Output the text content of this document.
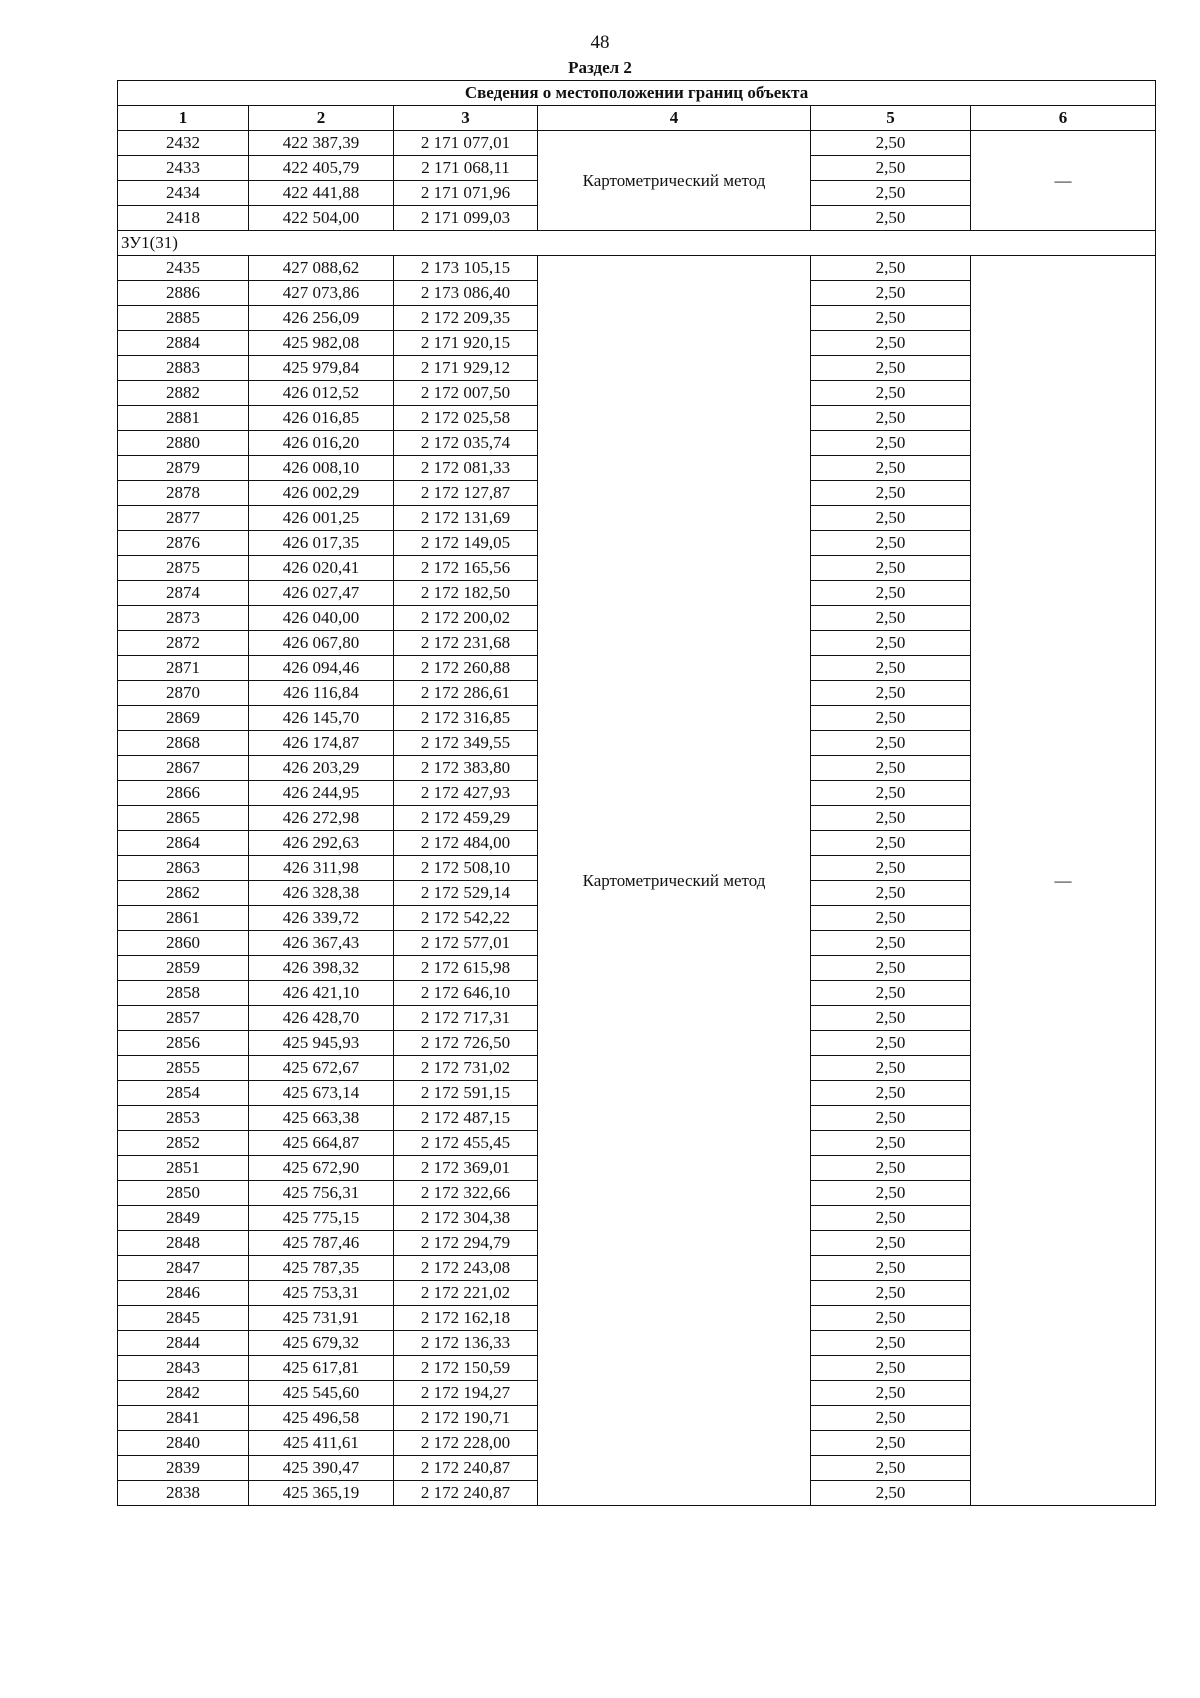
48
Раздел 2
Сведения о местоположении границ объекта					
1	2	3	4	5	6
2432	422 387,39	2 171 077,01	Картометрический метод	2,50	—
2433	422 405,79	2 171 068,11		2,50	
2434	422 441,88	2 171 071,96		2,50	
2418	422 504,00	2 171 099,03		2,50	
ЗУ1(31)					
2435	427 088,62	2 173 105,15	Картометрический метод	2,50	—
2886	427 073,86	2 173 086,40		2,50	
2885	426 256,09	2 172 209,35		2,50	
2884	425 982,08	2 171 920,15		2,50	
2883	425 979,84	2 171 929,12		2,50	
2882	426 012,52	2 172 007,50		2,50	
2881	426 016,85	2 172 025,58		2,50	
2880	426 016,20	2 172 035,74		2,50	
2879	426 008,10	2 172 081,33		2,50	
2878	426 002,29	2 172 127,87		2,50	
2877	426 001,25	2 172 131,69		2,50	
2876	426 017,35	2 172 149,05		2,50	
2875	426 020,41	2 172 165,56		2,50	
2874	426 027,47	2 172 182,50		2,50	
2873	426 040,00	2 172 200,02		2,50	
2872	426 067,80	2 172 231,68		2,50	
2871	426 094,46	2 172 260,88		2,50	
2870	426 116,84	2 172 286,61		2,50	
2869	426 145,70	2 172 316,85		2,50	
2868	426 174,87	2 172 349,55		2,50	
2867	426 203,29	2 172 383,80		2,50	
2866	426 244,95	2 172 427,93		2,50	
2865	426 272,98	2 172 459,29		2,50	
2864	426 292,63	2 172 484,00		2,50	
2863	426 311,98	2 172 508,10		2,50	
2862	426 328,38	2 172 529,14		2,50	
2861	426 339,72	2 172 542,22		2,50	
2860	426 367,43	2 172 577,01		2,50	
2859	426 398,32	2 172 615,98		2,50	
2858	426 421,10	2 172 646,10		2,50	
2857	426 428,70	2 172 717,31		2,50	
2856	425 945,93	2 172 726,50		2,50	
2855	425 672,67	2 172 731,02		2,50	
2854	425 673,14	2 172 591,15		2,50	
2853	425 663,38	2 172 487,15		2,50	
2852	425 664,87	2 172 455,45		2,50	
2851	425 672,90	2 172 369,01		2,50	
2850	425 756,31	2 172 322,66		2,50	
2849	425 775,15	2 172 304,38		2,50	
2848	425 787,46	2 172 294,79		2,50	
2847	425 787,35	2 172 243,08		2,50	
2846	425 753,31	2 172 221,02		2,50	
2845	425 731,91	2 172 162,18		2,50	
2844	425 679,32	2 172 136,33		2,50	
2843	425 617,81	2 172 150,59		2,50	
2842	425 545,60	2 172 194,27		2,50	
2841	425 496,58	2 172 190,71		2,50	
2840	425 411,61	2 172 228,00		2,50	
2839	425 390,47	2 172 240,87		2,50	
2838	425 365,19	2 172 240,87		2,50	
